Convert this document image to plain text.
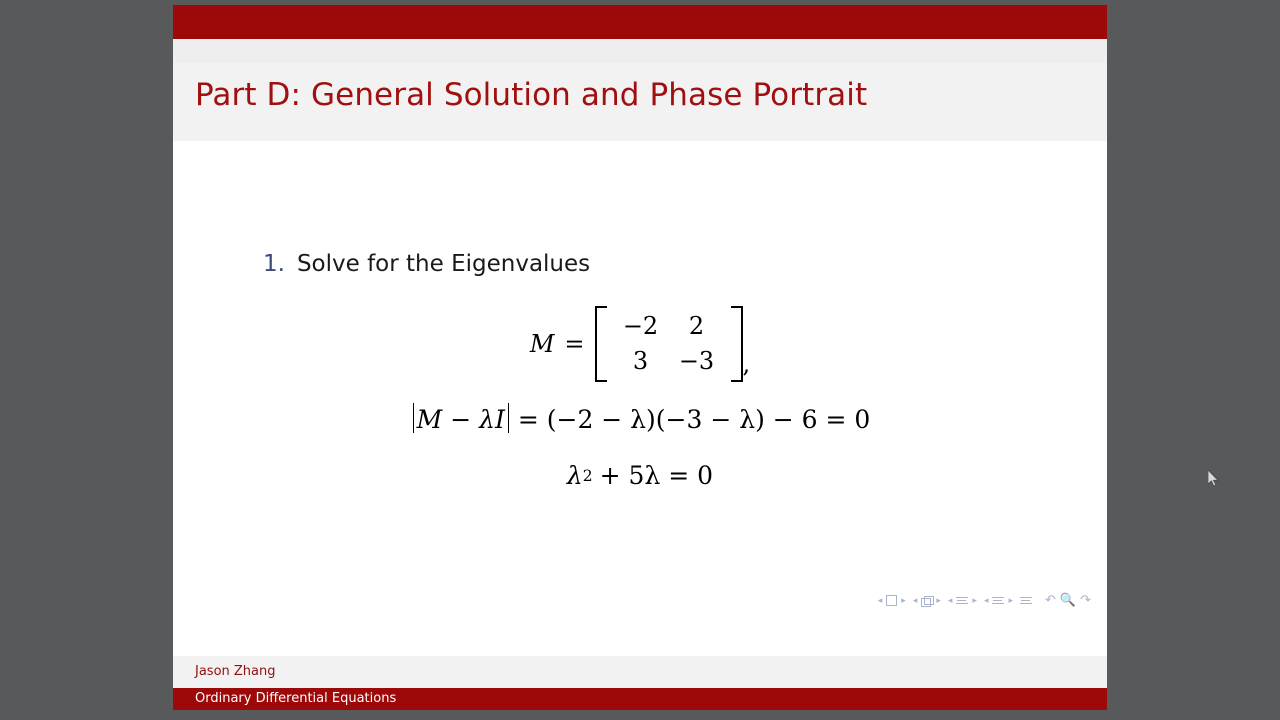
Part D: General Solution and Phase Portrait
1. Solve for the Eigenvalues
M =
−2	2
3	−3	,
M − λI = (−2 − λ)(−3 − λ) − 6 = 0
λ 2 + 5λ = 0
◂ ▸ ◂ ▸ ◂ ▸ ◂ ▸ ↶ 🔍 ↷
Jason Zhang
Ordinary Differential Equations
